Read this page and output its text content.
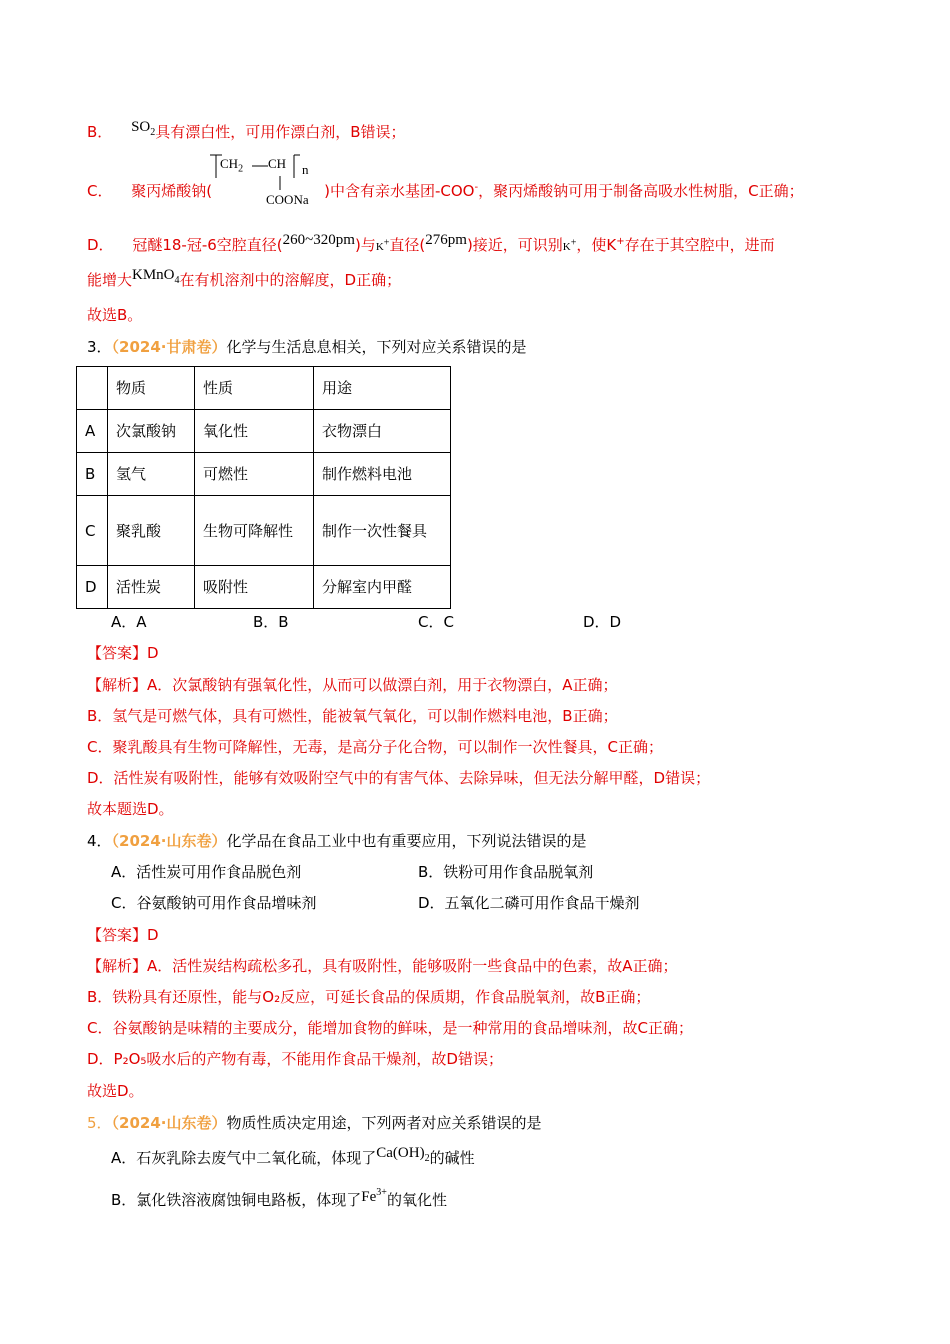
B． $SO_2$具有漂白性，可用作漂白剂，B错误；
C． 聚丙烯酸钠(	)中含有亲水基团-COO-，聚丙烯酸钠可用于制备高吸水性树脂，C正确；
$CH_2$ CH n
COONa
D． 冠醚18-冠-6空腔直径(260~320pm)与K+直径(276pm)接近，可识别K+，使K+存在于其空腔中，进而
能增大KMnO$_4$在有机溶剂中的溶解度，D正确；
故选B。
3．（2024·甘肃卷）化学与生活息息相关，下列对应关系错误的是
	物质	性质	用途
A	次氯酸钠	氧化性	衣物漂白
B	氢气	可燃性	制作燃料电池
C	聚乳酸	生物可降解性	制作一次性餐具
D	活性炭	吸附性	分解室内甲醛
A．A	B．B	C．C	D．D
【答案】D
【解析】A．次氯酸钠有强氧化性，从而可以做漂白剂，用于衣物漂白，A正确；
B．氢气是可燃气体，具有可燃性，能被氧气氧化，可以制作燃料电池，B正确；
C．聚乳酸具有生物可降解性，无毒，是高分子化合物，可以制作一次性餐具，C正确；
D．活性炭有吸附性，能够有效吸附空气中的有害气体、去除异味，但无法分解甲醛，D错误；
故本题选D。
4．（2024·山东卷）化学品在食品工业中也有重要应用，下列说法错误的是
A．活性炭可用作食品脱色剂	B．铁粉可用作食品脱氧剂
C．谷氨酸钠可用作食品增味剂	D．五氧化二磷可用作食品干燥剂
【答案】D
【解析】A．活性炭结构疏松多孔，具有吸附性，能够吸附一些食品中的色素，故A正确；
B．铁粉具有还原性，能与O₂反应，可延长食品的保质期，作食品脱氧剂，故B正确；
C．谷氨酸钠是味精的主要成分，能增加食物的鲜味，是一种常用的食品增味剂，故C正确；
D．P₂O₅吸水后的产物有毒，不能用作食品干燥剂，故D错误；
故选D。
5．（2024·山东卷）物质性质决定用途，下列两者对应关系错误的是
A．石灰乳除去废气中二氧化硫，体现了$Ca(OH)_2$的碱性
B．氯化铁溶液腐蚀铜电路板，体现了$Fe^{3+}$的氧化性
